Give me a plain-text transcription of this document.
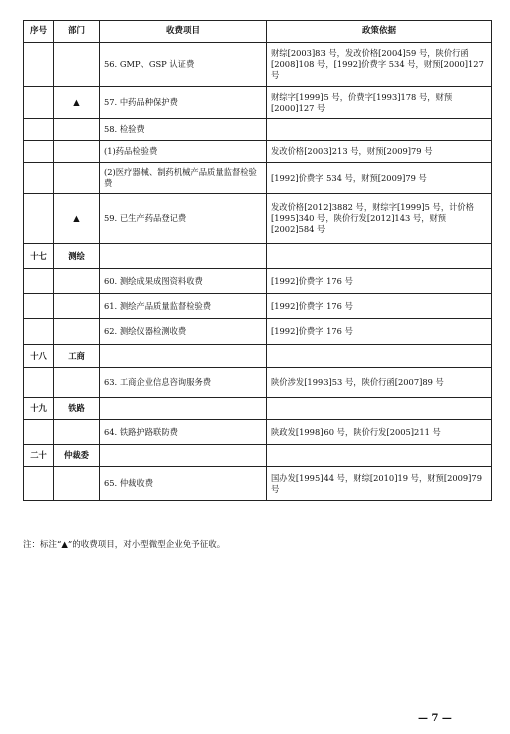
序号	部门	收费项目	政策依据
		56. GMP、GSP 认证费	财综[2003]83 号，发改价格[2004]59 号，陕价行函[2008]108 号，[1992]价费字 534 号，财预[2000]127 号
	▲	57. 中药品种保护费	财综字[1999]5 号，价费字[1993]178 号，财预[2000]127 号
		58. 检验费	
		(1)药品检验费	发改价格[2003]213 号，财预[2009]79 号
		(2)医疗器械、制药机械产品质量监督检验费	[1992]价费字 534 号，财预[2009]79 号
	▲	59. 已生产药品登记费	发改价格[2012]3882 号，财综字[1999]5 号，计价格[1995]340 号，陕价行发[2012]143 号，财预[2002]584 号
十七	测绘		
		60. 测绘成果成图资料收费	[1992]价费字 176 号
		61. 测绘产品质量监督检验费	[1992]价费字 176 号
		62. 测绘仪器检测收费	[1992]价费字 176 号
十八	工商		
		63. 工商企业信息咨询服务费	陕价涉发[1993]53 号，陕价行函[2007]89 号
十九	铁路		
		64. 铁路护路联防费	陕政发[1998]60 号，陕价行发[2005]211 号
二十	仲裁委		
		65. 仲裁收费	国办发[1995]44 号，财综[2010]19 号，财预[2009]79 号
注：标注“▲”的收费项目，对小型微型企业免予征收。
— 7 —
